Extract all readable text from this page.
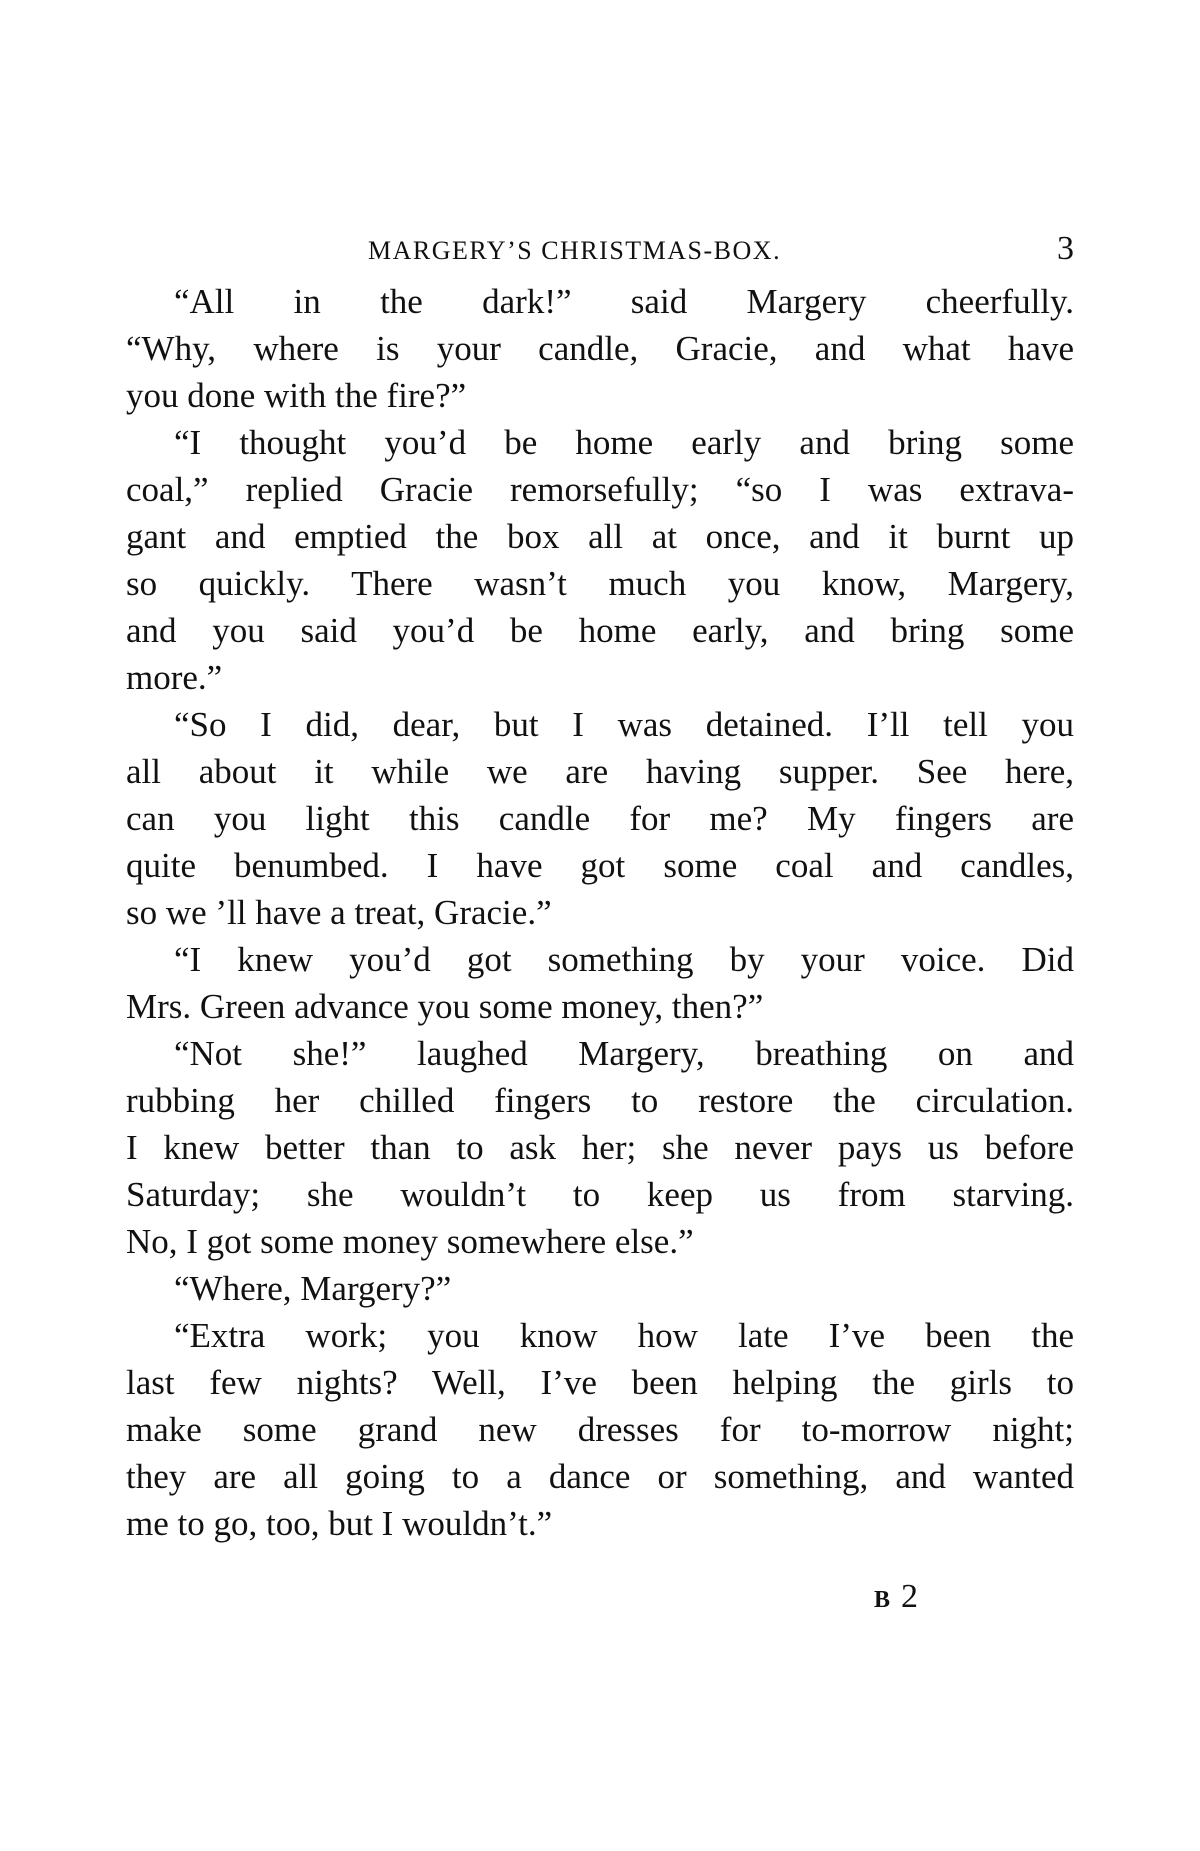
MARGERY’S CHRISTMAS-BOX.	3
“All in the dark!” said Margery cheerfully.
“Why, where is your candle, Gracie, and what have
you done with the fire?”
“I thought you’d be home early and bring some
coal,” replied Gracie remorsefully; “so I was extrava-
gant and emptied the box all at once, and it burnt up
so quickly. There wasn’t much you know, Margery,
and you said you’d be home early, and bring some
more.”
“So I did, dear, but I was detained. I’ll tell you
all about it while we are having supper. See here,
can you light this candle for me? My fingers are
quite benumbed. I have got some coal and candles,
so we ’ll have a treat, Gracie.”
“I knew you’d got something by your voice. Did
Mrs. Green advance you some money, then?”
“Not she!” laughed Margery, breathing on and
rubbing her chilled fingers to restore the circulation.
I knew better than to ask her; she never pays us before
Saturday; she wouldn’t to keep us from starving.
No, I got some money somewhere else.”
“Where, Margery?”
“Extra work; you know how late I’ve been the
last few nights? Well, I’ve been helping the girls to
make some grand new dresses for to-morrow night;
they are all going to a dance or something, and wanted
me to go, too, but I wouldn’t.”
B 2
